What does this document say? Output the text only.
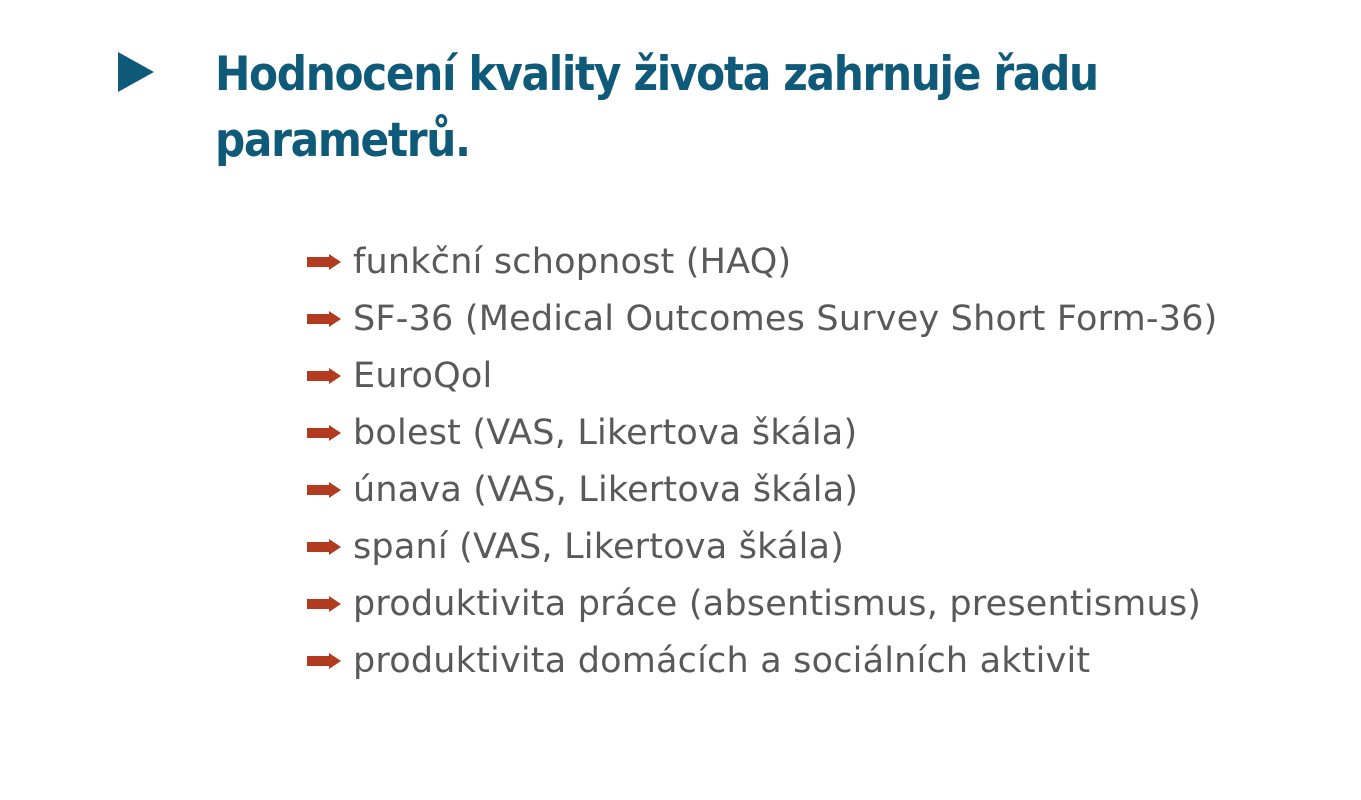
Hodnocení kvality života zahrnuje řadu parametrů.
funkční schopnost (HAQ)
SF-36 (Medical Outcomes Survey Short Form-36)
EuroQol
bolest (VAS, Likertova škála)
únava (VAS, Likertova škála)
spaní (VAS, Likertova škála)
produktivita práce (absentismus, presentismus)
produktivita domácích a sociálních aktivit
